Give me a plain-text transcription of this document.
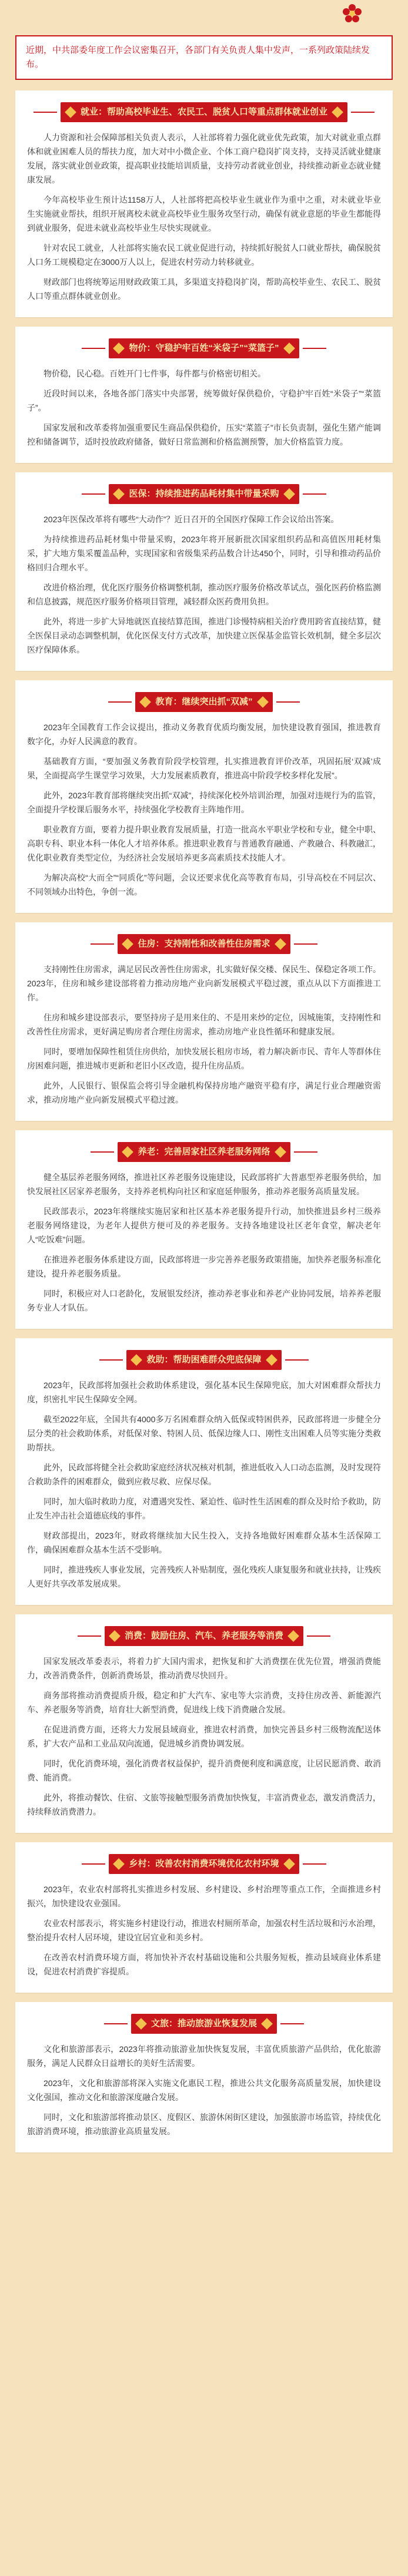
近期，中共部委年度工作会议密集召开，各部门有关负责人集中发声，一系列政策陆续发布。
就业：帮助高校毕业生、农民工、脱贫人口等重点群体就业创业

人力资源和社会保障部相关负责人表示，人社部将着力强化就业优先政策，加大对就业重点群体和就业困难人员的帮扶力度，加大对中小微企业、个体工商户稳岗扩岗支持，支持灵活就业健康发展，落实就业创业政策，提高职业技能培训质量，支持劳动者就业创业，持续推动新业态就业健康发展。

今年高校毕业生预计达1158万人，人社部将把高校毕业生就业作为重中之重，对未就业毕业生实施就业帮扶，组织开展离校未就业高校毕业生服务攻坚行动，确保有就业意愿的毕业生都能得到就业服务，促进未就业高校毕业生尽快实现就业。

针对农民工就业，人社部将实施农民工就业促进行动，持续抓好脱贫人口就业帮扶，确保脱贫人口务工规模稳定在3000万人以上，促进农村劳动力转移就业。

财政部门也将统筹运用财政政策工具，多渠道支持稳岗扩岗，帮助高校毕业生、农民工、脱贫人口等重点群体就业创业。

物价：守稳护牢百姓“米袋子”“菜篮子”

物价稳，民心稳。百姓开门七件事，每件都与价格密切相关。

近段时间以来，各地各部门落实中央部署，统筹做好保供稳价，守稳护牢百姓“米袋子”“菜篮子”。

国家发展和改革委将加强重要民生商品保供稳价，压实“菜篮子”市长负责制，强化生猪产能调控和储备调节，适时投放政府储备，做好日常监测和价格监测预警，加大价格监管力度。

医保：持续推进药品耗材集中带量采购

2023年医保改革将有哪些“大动作”？近日召开的全国医疗保障工作会议给出答案。

为持续推进药品耗材集中带量采购，2023年将开展新批次国家组织药品和高值医用耗材集采，扩大地方集采覆盖品种，实现国家和省级集采药品数合计达450个，同时，引导和推动药品价格回归合理水平。

改进价格治理，优化医疗服务价格调整机制，推动医疗服务价格改革试点，强化医药价格监测和信息披露，规范医疗服务价格项目管理，减轻群众医药费用负担。

此外，将进一步扩大异地就医直接结算范围，推进门诊慢特病相关治疗费用跨省直接结算，健全医保目录动态调整机制，优化医保支付方式改革，加快建立医保基金监管长效机制，健全多层次医疗保障体系。

教育：继续突出抓“双减”

2023年全国教育工作会议提出，推动义务教育优质均衡发展，加快建设教育强国，推进教育数字化，办好人民满意的教育。

基础教育方面，“要加强义务教育阶段学校管理，扎实推进教育评价改革，巩固拓展‘双减’成果，全面提高学生课堂学习效果，大力发展素质教育，推进高中阶段学校多样化发展”。

此外，2023年教育部将继续突出抓“双减”，持续深化校外培训治理，加强对违规行为的监管，全面提升学校课后服务水平，持续强化学校教育主阵地作用。

职业教育方面，要着力提升职业教育发展质量，打造一批高水平职业学校和专业，健全中职、高职专科、职业本科一体化人才培养体系。推进职业教育与普通教育融通、产教融合、科教融汇，优化职业教育类型定位，为经济社会发展培养更多高素质技术技能人才。

为解决高校“大而全”“同质化”等问题，会议还要求优化高等教育布局，引导高校在不同层次、不同领域办出特色，争创一流。

住房：支持刚性和改善性住房需求

支持刚性住房需求，满足居民改善性住房需求，扎实做好保交楼、保民生、保稳定各项工作。2023年，住房和城乡建设部将着力推动房地产业向新发展模式平稳过渡，重点从以下方面推进工作。

住房和城乡建设部表示，要坚持房子是用来住的、不是用来炒的定位，因城施策，支持刚性和改善性住房需求，更好满足购房者合理住房需求，推动房地产业良性循环和健康发展。

同时，要增加保障性租赁住房供给，加快发展长租房市场，着力解决新市民、青年人等群体住房困难问题，推进城市更新和老旧小区改造，提升住房品质。

此外，人民银行、银保监会将引导金融机构保持房地产融资平稳有序，满足行业合理融资需求，推动房地产业向新发展模式平稳过渡。

养老：完善居家社区养老服务网络

健全基层养老服务网络，推进社区养老服务设施建设，民政部将扩大普惠型养老服务供给，加快发展社区居家养老服务，支持养老机构向社区和家庭延伸服务，推动养老服务高质量发展。

民政部表示，2023年将继续实施居家和社区基本养老服务提升行动，加快推进县乡村三级养老服务网络建设，为老年人提供方便可及的养老服务。支持各地建设社区老年食堂，解决老年人“吃饭难”问题。

在推进养老服务体系建设方面，民政部将进一步完善养老服务政策措施，加快养老服务标准化建设，提升养老服务质量。

同时，积极应对人口老龄化，发展银发经济，推动养老事业和养老产业协同发展，培养养老服务专业人才队伍。

救助：帮助困难群众兜底保障

2023年，民政部将加强社会救助体系建设，强化基本民生保障兜底，加大对困难群众帮扶力度，织密扎牢民生保障安全网。

截至2022年底，全国共有4000多万名困难群众纳入低保或特困供养，民政部将进一步健全分层分类的社会救助体系，对低保对象、特困人员、低保边缘人口、刚性支出困难人员等实施分类救助帮扶。

此外，民政部将健全社会救助家庭经济状况核对机制，推进低收入人口动态监测，及时发现符合救助条件的困难群众，做到应救尽救、应保尽保。

同时，加大临时救助力度，对遭遇突发性、紧迫性、临时性生活困难的群众及时给予救助，防止发生冲击社会道德底线的事件。

财政部提出，2023年，财政将继续加大民生投入，支持各地做好困难群众基本生活保障工作，确保困难群众基本生活不受影响。

同时，推进残疾人事业发展，完善残疾人补贴制度，强化残疾人康复服务和就业扶持，让残疾人更好共享改革发展成果。

消费：鼓励住房、汽车、养老服务等消费

国家发展改革委表示，将着力扩大国内需求，把恢复和扩大消费摆在优先位置，增强消费能力，改善消费条件，创新消费场景，推动消费尽快回升。

商务部将推动消费提质升级，稳定和扩大汽车、家电等大宗消费，支持住房改善、新能源汽车、养老服务等消费，培育壮大新型消费，促进线上线下消费融合发展。

在促进消费方面，还将大力发展县域商业，推进农村消费，加快完善县乡村三级物流配送体系，扩大农产品和工业品双向流通，促进城乡消费协调发展。

同时，优化消费环境，强化消费者权益保护，提升消费便利度和满意度，让居民愿消费、敢消费、能消费。

此外，将推动餐饮、住宿、文旅等接触型服务消费加快恢复，丰富消费业态，激发消费活力，持续释放消费潜力。

乡村：改善农村消费环境优化农村环境

2023年，农业农村部将扎实推进乡村发展、乡村建设、乡村治理等重点工作，全面推进乡村振兴，加快建设农业强国。

农业农村部表示，将实施乡村建设行动，推进农村厕所革命，加强农村生活垃圾和污水治理，整治提升农村人居环境，建设宜居宜业和美乡村。

在改善农村消费环境方面，将加快补齐农村基础设施和公共服务短板，推动县域商业体系建设，促进农村消费扩容提质。

文旅：推动旅游业恢复发展

文化和旅游部表示，2023年将推动旅游业加快恢复发展，丰富优质旅游产品供给，优化旅游服务，满足人民群众日益增长的美好生活需要。

2023年，文化和旅游部将深入实施文化惠民工程，推进公共文化服务高质量发展，加快建设文化强国，推动文化和旅游深度融合发展。

同时，文化和旅游部将推动景区、度假区、旅游休闲街区建设，加强旅游市场监管，持续优化旅游消费环境，推动旅游业高质量发展。
